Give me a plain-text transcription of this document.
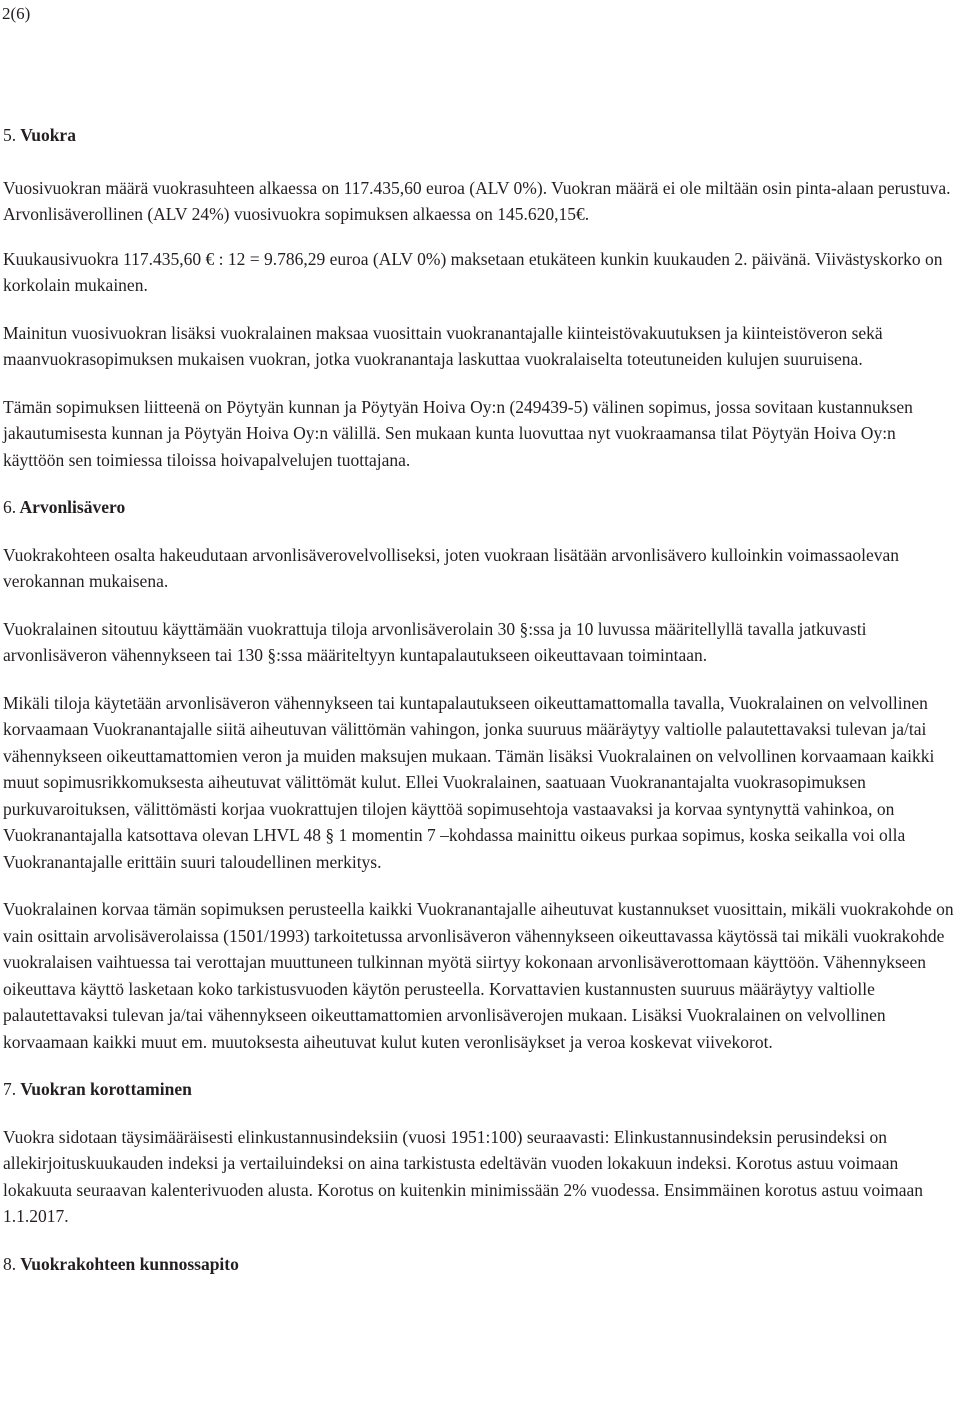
2(6)
5. Vuokra

Vuosivuokran määrä vuokrasuhteen alkaessa on 117.435,60 euroa (ALV 0%). Vuokran määrä ei ole miltään osin pinta-alaan perustuva. Arvonlisäverollinen (ALV 24%) vuosivuokra sopimuksen alkaessa on 145.620,15€.

Kuukausivuokra 117.435,60 € : 12 = 9.786,29 euroa (ALV 0%) maksetaan etukäteen kunkin kuukauden 2. päivänä. Viivästyskorko on korkolain mukainen.

Mainitun vuosivuokran lisäksi vuokralainen maksaa vuosittain vuokranantajalle kiinteistövakuutuksen ja kiinteistöveron sekä maanvuokrasopimuksen mukaisen vuokran, jotka vuokranantaja laskuttaa vuokralaiselta toteutuneiden kulujen suuruisena.

Tämän sopimuksen liitteenä on Pöytyän kunnan ja Pöytyän Hoiva Oy:n (249439-5) välinen sopimus, jossa sovitaan kustannuksen jakautumisesta kunnan ja Pöytyän Hoiva Oy:n välillä. Sen mukaan kunta luovuttaa nyt vuokraamansa tilat Pöytyän Hoiva Oy:n käyttöön sen toimiessa tiloissa hoivapalvelujen tuottajana.

6. Arvonlisävero

Vuokrakohteen osalta hakeudutaan arvonlisäverovelvolliseksi, joten vuokraan lisätään arvonlisävero kulloinkin voimassaolevan verokannan mukaisena.

Vuokralainen sitoutuu käyttämään vuokrattuja tiloja arvonlisäverolain 30 §:ssa ja 10 luvussa määritellyllä tavalla jatkuvasti arvonlisäveron vähennykseen tai 130 §:ssa määriteltyyn kuntapalautukseen oikeuttavaan toimintaan.

Mikäli tiloja käytetään arvonlisäveron vähennykseen tai kuntapalautukseen oikeuttamattomalla tavalla, Vuokralainen on velvollinen korvaamaan Vuokranantajalle siitä aiheutuvan välittömän vahingon, jonka suuruus määräytyy valtiolle palautettavaksi tulevan ja/tai vähennykseen oikeuttamattomien veron ja muiden maksujen mukaan. Tämän lisäksi Vuokralainen on velvollinen korvaamaan kaikki muut sopimusrikkomuksesta aiheutuvat välittömät kulut. Ellei Vuokralainen, saatuaan Vuokranantajalta vuokrasopimuksen purkuvaroituksen, välittömästi korjaa vuokrattujen tilojen käyttöä sopimusehtoja vastaavaksi ja korvaa syntynyttä vahinkoa, on Vuokranantajalla katsottava olevan LHVL 48 § 1 momentin 7 –kohdassa mainittu oikeus purkaa sopimus, koska seikalla voi olla Vuokranantajalle erittäin suuri taloudellinen merkitys.

Vuokralainen korvaa tämän sopimuksen perusteella kaikki Vuokranantajalle aiheutuvat kustannukset vuosittain, mikäli vuokrakohde on vain osittain arvolisäverolaissa (1501/1993) tarkoitetussa arvonlisäveron vähennykseen oikeuttavassa käytössä tai mikäli vuokrakohde vuokralaisen vaihtuessa tai verottajan muuttuneen tulkinnan myötä siirtyy kokonaan arvonlisäverottomaan käyttöön. Vähennykseen oikeuttava käyttö lasketaan koko tarkistusvuoden käytön perusteella. Korvattavien kustannusten suuruus määräytyy valtiolle palautettavaksi tulevan ja/tai vähennykseen oikeuttamattomien arvonlisäverojen mukaan. Lisäksi Vuokralainen on velvollinen korvaamaan kaikki muut em. muutoksesta aiheutuvat kulut kuten veronlisäykset ja veroa koskevat viivekorot.

7. Vuokran korottaminen

Vuokra sidotaan täysimääräisesti elinkustannusindeksiin (vuosi 1951:100) seuraavasti: Elinkustannusindeksin perusindeksi on allekirjoituskuukauden indeksi ja vertailuindeksi on aina tarkistusta edeltävän vuoden lokakuun indeksi. Korotus astuu voimaan lokakuuta seuraavan kalenterivuoden alusta. Korotus on kuitenkin minimissään 2% vuodessa. Ensimmäinen korotus astuu voimaan 1.1.2017.

8. Vuokrakohteen kunnossapito
